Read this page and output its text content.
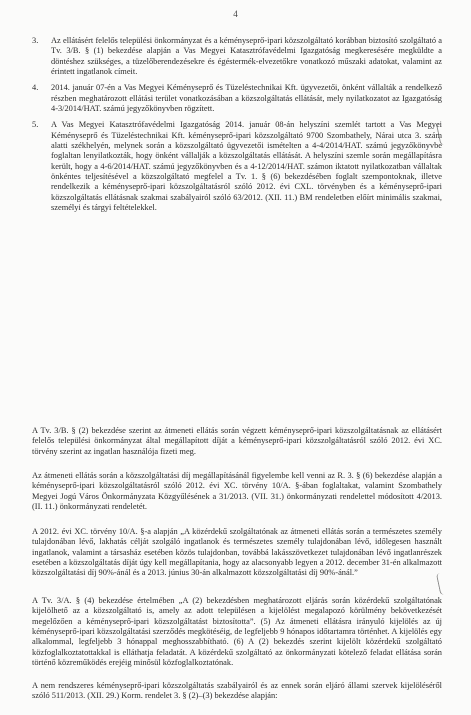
4
3.	Az ellátásért felelős települési önkormányzat és a kéményseprő-ipari közszolgáltató korábban biztosító szolgáltató a Tv. 3/B. § (1) bekezdése alapján a Vas Megyei Katasztrófavédelmi Igazgatóság megkeresésére megküldte a döntéshez szükséges, a tüzelőberendezésekre és égéstermék-elvezetőkre vonatkozó műszaki adatokat, valamint az érintett ingatlanok címeit.
4.	2014. január 07-én a Vas Megyei Kéményseprő és Tüzeléstechnikai Kft. ügyvezetői, önként vállalták a rendelkező részben meghatározott ellátási terület vonatkozásában a közszolgáltatás ellátását, mely nyilatkozatot az Igazgatóság 4-3/2014/HAT. számú jegyzőkönyvben rögzített.
5.	A Vas Megyei Katasztrófavédelmi Igazgatóság 2014. január 08-án helyszíni szemlét tartott a Vas Megyei Kéményseprő és Tüzeléstechnikai Kft. kéményseprő-ipari közszolgáltató 9700 Szombathely, Nárai utca 3. szám alatti székhelyén, melynek során a közszolgáltató ügyvezetői ismételten a 4-4/2014/HAT. számú jegyzőkönyvbe foglaltan lenyilatkozták, hogy önként vállalják a közszolgáltatás ellátását. A helyszíni szemle során megállapításra került, hogy a 4-6/2014/HAT. számú jegyzőkönyvben és a 4-12/2014/HAT. számon iktatott nyilatkozatban vállaltak önkéntes teljesítésével a közszolgáltató megfelel a Tv. 1. § (6) bekezdésében foglalt szempontoknak, illetve rendelkezik a kéményseprő-ipari közszolgáltatásról szóló 2012. évi CXL. törvényben és a kéményseprő-ipari közszolgáltatás ellátásnak szakmai szabályairól szóló 63/2012. (XII. 11.) BM rendeletben előírt minimális szakmai, személyi és tárgyi feltételekkel.

A Tv. 3/B. § (2) bekezdése szerint az átmeneti ellátás során végzett kéményseprő-ipari közszolgáltatásnak az ellátásért felelős települési önkormányzat által megállapított díját a kéményseprő-ipari közszolgáltatásról szóló 2012. évi XC. törvény szerint az ingatlan használója fizeti meg.

Az átmeneti ellátás során a közszolgáltatási díj megállapításánál figyelembe kell venni az R. 3. § (6) bekezdése alapján a kéményseprő-ipari közszolgáltatásról szóló 2012. évi XC. törvény 10/A. §-ában foglaltakat, valamint Szombathely Megyei Jogú Város Önkormányzata Közgyűlésének a 31/2013. (VII. 31.) önkormányzati rendelettel módosított 4/2013. (II. 11.) önkormányzati rendeletét.

A 2012. évi XC. törvény 10/A. §-a alapján „A közérdekű szolgáltatónak az átmeneti ellátás során a természetes személy tulajdonában lévő, lakhatás célját szolgáló ingatlanok és természetes személy tulajdonában lévő, időlegesen használt ingatlanok, valamint a társasház esetében közös tulajdonban, továbbá lakásszövetkezet tulajdonában lévő ingatlanrészek esetében a közszolgáltatás díját úgy kell megállapítania, hogy az alacsonyabb legyen a 2012. december 31-én alkalmazott közszolgáltatási díj 90%-ánál és a 2013. június 30-án alkalmazott közszolgáltatási díj 90%-ánál.”

A Tv. 3/A. § (4) bekezdése értelmében „A (2) bekezdésben meghatározott eljárás során közérdekű szolgáltatónak kijelölhető az a közszolgáltató is, amely az adott településen a kijelölést megalapozó körülmény bekövetkezését megelőzően a kéményseprő-ipari közszolgáltatást biztosította”. (5) Az átmeneti ellátásra irányuló kijelölés az új kéményseprő-ipari közszolgáltatási szerződés megkötéséig, de legfeljebb 9 hónapos időtartamra történhet. A kijelölés egy alkalommal, legfeljebb 3 hónappal meghosszabbítható. (6) A (2) bekezdés szerint kijelölt közérdekű szolgáltató közfoglalkoztatottakkal is elláthatja feladatát. A közérdekű szolgáltató az önkormányzati kötelező feladat ellátása során történő közreműködés erejéig minősül közfoglalkoztatónak.

A nem rendszeres kéményseprő-ipari közszolgáltatás szabályairól és az ennek során eljáró állami szervek kijelöléséről szóló 511/2013. (XII. 29.) Korm. rendelet 3. § (2)–(3) bekezdése alapján:
